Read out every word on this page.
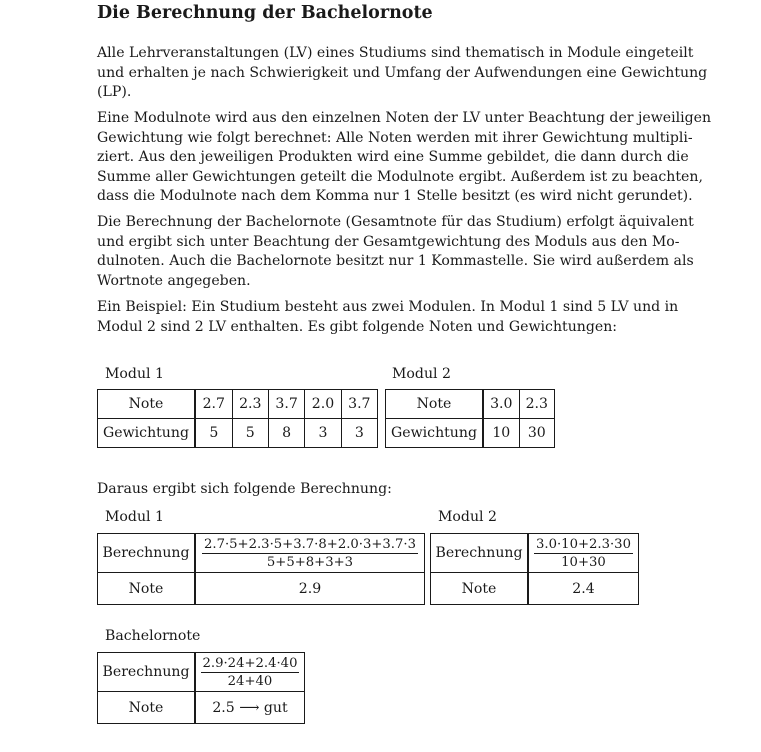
Die Berechnung der Bachelornote
Alle Lehrveranstaltungen (LV) eines Studiums sind thematisch in Module eingeteilt
und erhalten je nach Schwierigkeit und Umfang der Aufwendungen eine Gewichtung
(LP).
Eine Modulnote wird aus den einzelnen Noten der LV unter Beachtung der jeweiligen
Gewichtung wie folgt berechnet: Alle Noten werden mit ihrer Gewichtung multipli-
ziert. Aus den jeweiligen Produkten wird eine Summe gebildet, die dann durch die
Summe aller Gewichtungen geteilt die Modulnote ergibt. Außerdem ist zu beachten,
dass die Modulnote nach dem Komma nur 1 Stelle besitzt (es wird nicht gerundet).
Die Berechnung der Bachelornote (Gesamtnote für das Studium) erfolgt äquivalent
und ergibt sich unter Beachtung der Gesamtgewichtung des Moduls aus den Mo-
dulnoten. Auch die Bachelornote besitzt nur 1 Kommastelle. Sie wird außerdem als
Wortnote angegeben.
Ein Beispiel: Ein Studium besteht aus zwei Modulen. In Modul 1 sind 5 LV und in
Modul 2 sind 2 LV enthalten. Es gibt folgende Noten und Gewichtungen:
Modul 1
Note	2.7	2.3	3.7	2.0	3.7
Gewichtung	5	5	8	3	3
Modul 2
Note	3.0	2.3
Gewichtung	10	30
Daraus ergibt sich folgende Berechnung:
Modul 1
Berechnung	$\frac{2.7\cdot 5+2.3\cdot 5+3.7\cdot 8+2.0\cdot 3+3.7\cdot 3}{5+5+8+3+3}$

Note	2.9
Modul 2
Berechnung	$\frac{3.0\cdot 10+2.3\cdot 30}{10+30}$

Note	2.4
Bachelornote
Berechnung	$\frac{2.9\cdot 24+2.4\cdot 40}{24+40}$

Note	2.5 ⟶ gut
